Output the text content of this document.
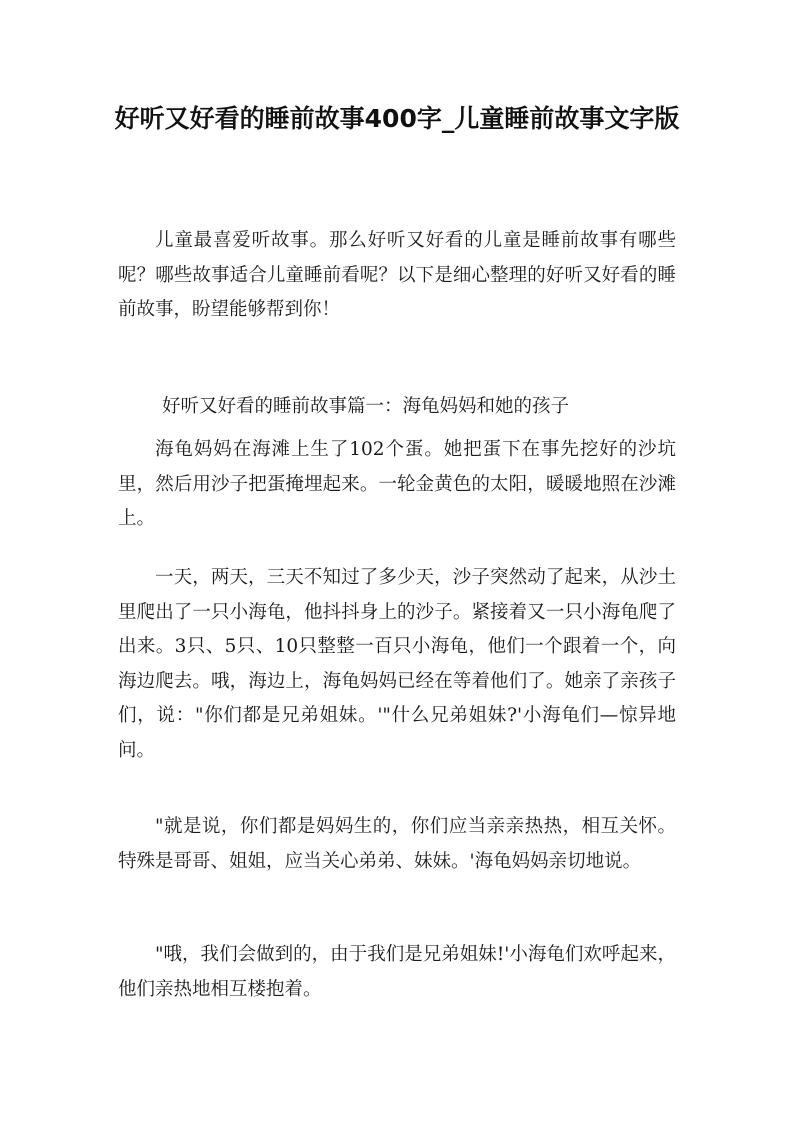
好听又好看的睡前故事400字_儿童睡前故事文字版

儿童最喜爱听故事。那么好听又好看的儿童是睡前故事有哪些呢？哪些故事适合儿童睡前看呢？以下是细心整理的好听又好看的睡前故事，盼望能够帮到你！

好听又好看的睡前故事篇一：海龟妈妈和她的孩子

海龟妈妈在海滩上生了102个蛋。她把蛋下在事先挖好的沙坑里，然后用沙子把蛋掩埋起来。一轮金黄色的太阳，暖暖地照在沙滩上。

一天，两天，三天不知过了多少天，沙子突然动了起来，从沙土里爬出了一只小海龟，他抖抖身上的沙子。紧接着又一只小海龟爬了出来。3只、5只、10只整整一百只小海龟，他们一个跟着一个，向海边爬去。哦，海边上，海龟妈妈已经在等着他们了。她亲了亲孩子们，说："你们都是兄弟姐妹。'"什么兄弟姐妹?'小海龟们—惊异地问。

"就是说，你们都是妈妈生的，你们应当亲亲热热，相互关怀。特殊是哥哥、姐姐，应当关心弟弟、妹妹。'海龟妈妈亲切地说。

"哦，我们会做到的，由于我们是兄弟姐妹!'小海龟们欢呼起来，他们亲热地相互楼抱着。
